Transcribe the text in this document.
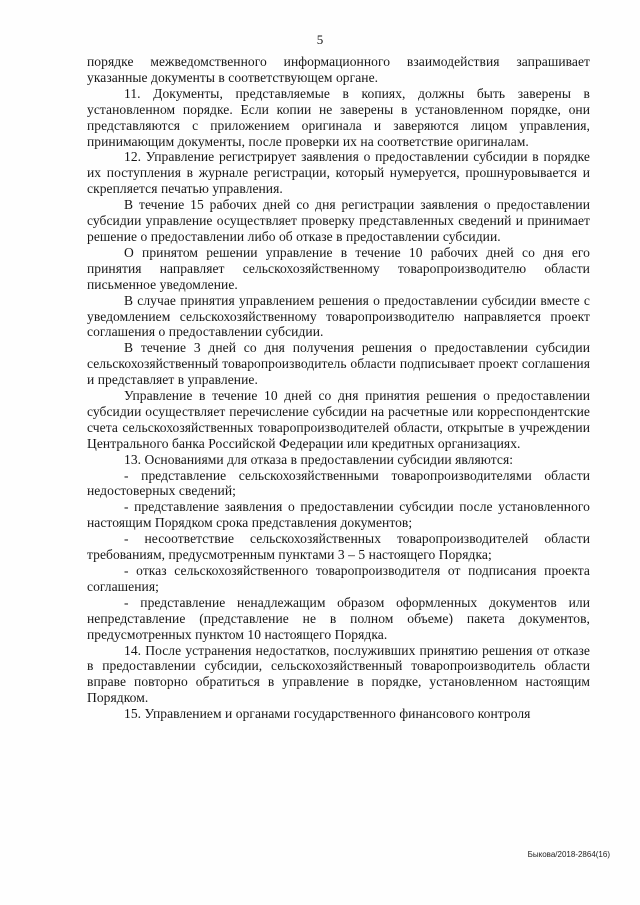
5

порядке межведомственного информационного взаимодействия запрашивает указанные документы в соответствующем органе.

11. Документы, представляемые в копиях, должны быть заверены в установленном порядке. Если копии не заверены в установленном порядке, они представляются с приложением оригинала и заверяются лицом управления, принимающим документы, после проверки их на соответствие оригиналам.

12. Управление регистрирует заявления о предоставлении субсидии в порядке их поступления в журнале регистрации, который нумеруется, прошнуровывается и скрепляется печатью управления.

В течение 15 рабочих дней со дня регистрации заявления о предоставлении субсидии управление осуществляет проверку представленных сведений и принимает решение о предоставлении либо об отказе в предоставлении субсидии.

О принятом решении управление в течение 10 рабочих дней со дня его принятия направляет сельскохозяйственному товаропроизводителю области письменное уведомление.

В случае принятия управлением решения о предоставлении субсидии вместе с уведомлением сельскохозяйственному товаропроизводителю направляется проект соглашения о предоставлении субсидии.

В течение 3 дней со дня получения решения о предоставлении субсидии сельскохозяйственный товаропроизводитель области подписывает проект соглашения и представляет в управление.

Управление в течение 10 дней со дня принятия решения о предоставлении субсидии осуществляет перечисление субсидии на расчетные или корреспондентские счета сельскохозяйственных товаропроизводителей области, открытые в учреждении Центрального банка Российской Федерации или кредитных организациях.

13. Основаниями для отказа в предоставлении субсидии являются:

- представление сельскохозяйственными товаропроизводителями области недостоверных сведений;

- представление заявления о предоставлении субсидии после установленного настоящим Порядком срока представления документов;

- несоответствие сельскохозяйственных товаропроизводителей области требованиям, предусмотренным пунктами 3 – 5 настоящего Порядка;

- отказ сельскохозяйственного товаропроизводителя от подписания проекта соглашения;

- представление ненадлежащим образом оформленных документов или непредставление (представление не в полном объеме) пакета документов, предусмотренных пунктом 10 настоящего Порядка.

14. После устранения недостатков, послуживших принятию решения от отказе в предоставлении субсидии, сельскохозяйственный товаропроизводитель области вправе повторно обратиться в управление в порядке, установленном настоящим Порядком.

15. Управлением и органами государственного финансового контроля

Быкова/2018-2864(16)
